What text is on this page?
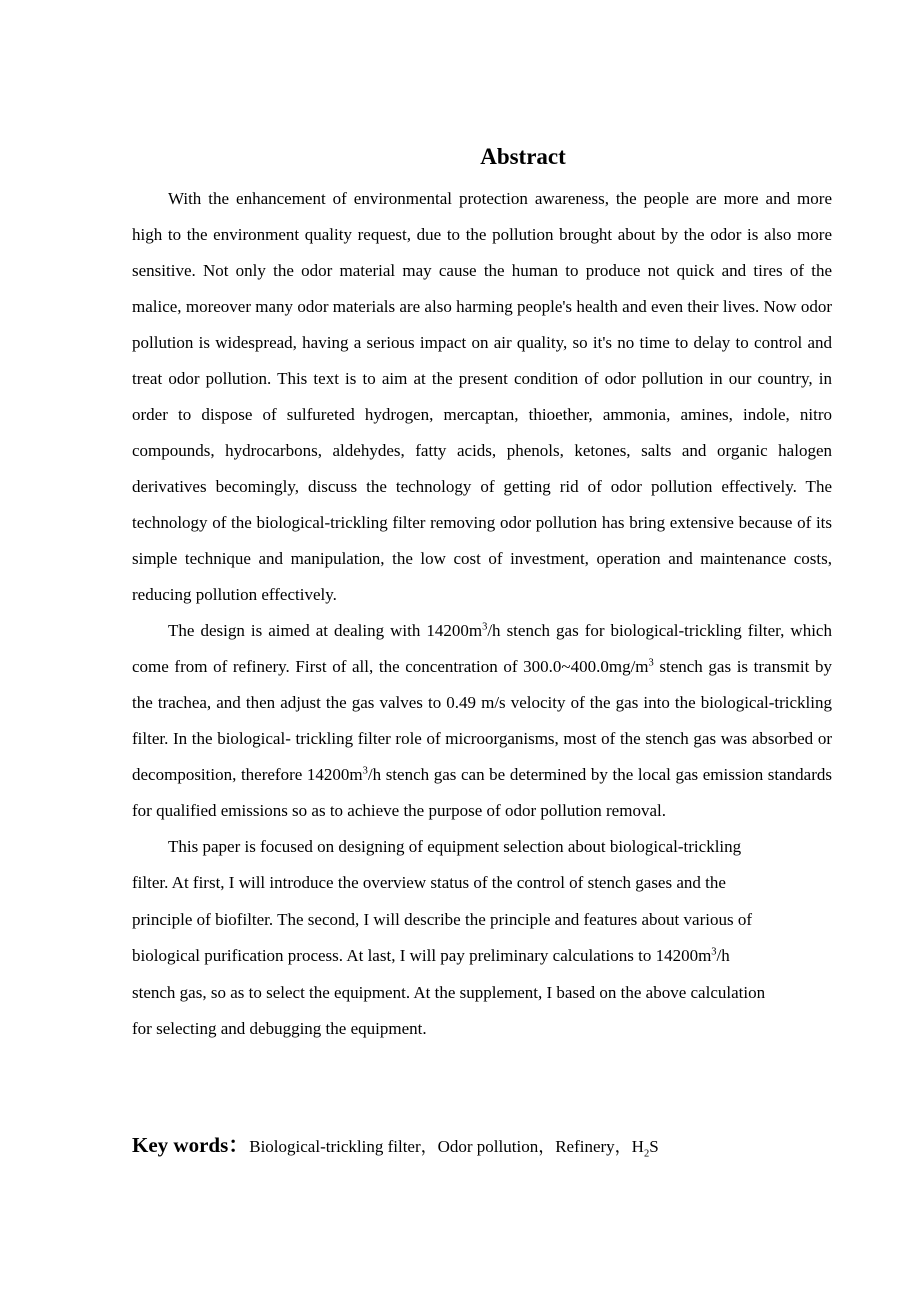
Abstract

With the enhancement of environmental protection awareness, the people are more and more high to the environment quality request, due to the pollution brought about by the odor is also more sensitive. Not only the odor material may cause the human to produce not quick and tires of the malice, moreover many odor materials are also harming people's health and even their lives. Now odor pollution is widespread, having a serious impact on air quality, so it's no time to delay to control and treat odor pollution. This text is to aim at the present condition of odor pollution in our country, in order to dispose of sulfureted hydrogen, mercaptan, thioether, ammonia, amines, indole, nitro compounds, hydrocarbons, aldehydes, fatty acids, phenols, ketones, salts and organic halogen derivatives becomingly, discuss the technology of getting rid of odor pollution effectively. The technology of the biological-trickling filter removing odor pollution has bring extensive because of its simple technique and manipulation, the low cost of investment, operation and maintenance costs, reducing pollution effectively.

The design is aimed at dealing with $14200m^3/h$ stench gas for biological-trickling filter, which come from of refinery. First of all, the concentration of $300.0\sim 400.0mg/m^3$ stench gas is transmit by the trachea, and then adjust the gas valves to 0.49 m/s velocity of the gas into the biological-trickling filter. In the biological- trickling filter role of microorganisms, most of the stench gas was absorbed or decomposition, therefore $14200m^3/h$ stench gas can be determined by the local gas emission standards for qualified emissions so as to achieve the purpose of odor pollution removal.

This paper is focused on designing of equipment selection about biological-trickling
filter. At first, I will introduce the overview status of the control of stench gases and the
principle of biofilter. The second, I will describe the principle and features about various of
biological purification process. At last, I will pay preliminary calculations to $14200m^3/h$
stench gas, so as to select the equipment. At the supplement, I based on the above calculation
for selecting and debugging the equipment.
Key words：Biological-trickling filter，Odor pollution，Refinery，$H_2S$
